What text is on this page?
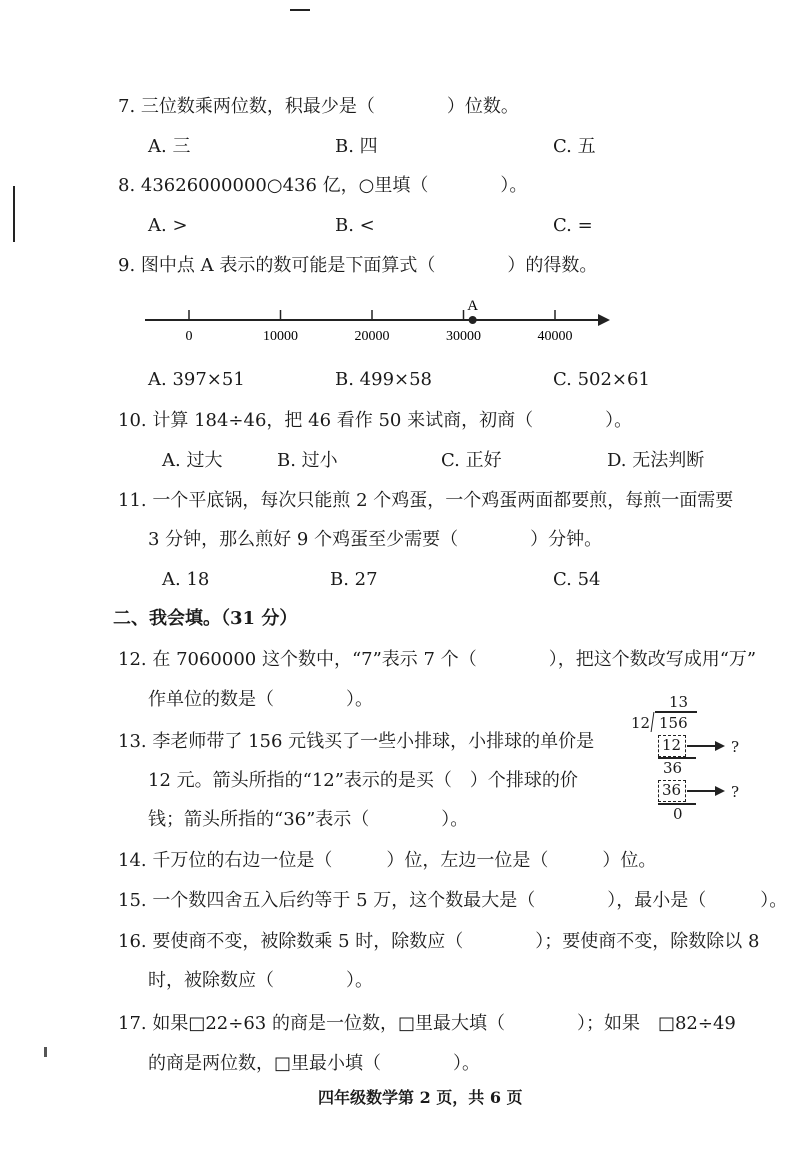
7. 三位数乘两位数，积最少是（　　　　）位数。
A. 三	B. 四	C. 五
8. 43626000000○436 亿，○里填（　　　　）。
A. >	B. <	C. =
9. 图中点 A 表示的数可能是下面算式（　　　　）的得数。
0	10000	20000	30000	40000
A
A. 397×51	B. 499×58	C. 502×61
10. 计算 184÷46，把 46 看作 50 来试商，初商（　　　　）。
A. 过大	B. 过小	C. 正好	D. 无法判断
11. 一个平底锅，每次只能煎 2 个鸡蛋，一个鸡蛋两面都要煎，每煎一面需要
3 分钟，那么煎好 9 个鸡蛋至少需要（　　　　）分钟。
A. 18	B. 27	C. 54
二、我会填。（31 分）
12. 在 7060000 这个数中，“7”表示 7 个（　　　　），把这个数改写成用“万”
作单位的数是（　　　　）。
13. 李老师带了 156 元钱买了一些小排球，小排球的单价是
12 元。箭头所指的“12”表示的是买（　）个排球的价
钱；箭头所指的“36”表示（　　　　）。
13
12 156
12
36
36
0
?
?
14. 千万位的右边一位是（　　　）位，左边一位是（　　　）位。
15. 一个数四舍五入后约等于 5 万，这个数最大是（　　　　），最小是（　　　）。
16. 要使商不变，被除数乘 5 时，除数应（　　　　）；要使商不变，除数除以 8
时，被除数应（　　　　）。
17. 如果□22÷63 的商是一位数，□里最大填（　　　　）；如果　□82÷49
的商是两位数，□里最小填（　　　　）。
四年级数学第 2 页，共 6 页
